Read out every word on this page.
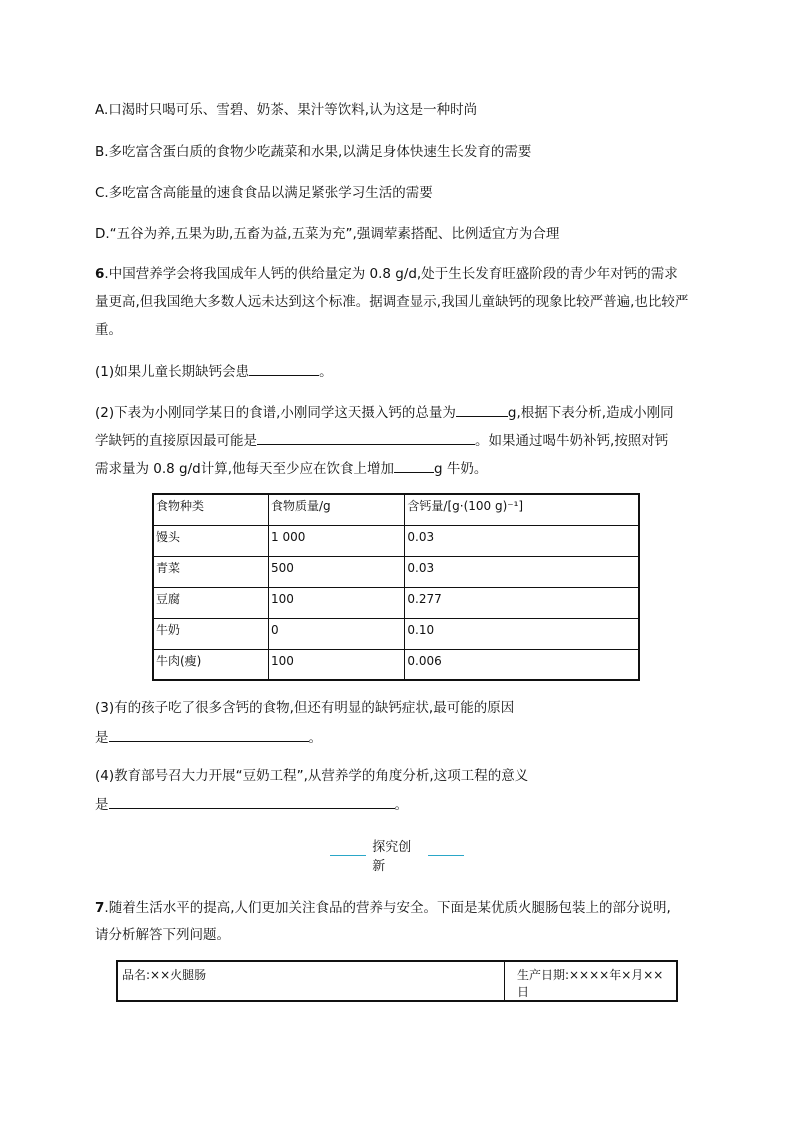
A.口渴时只喝可乐、雪碧、奶茶、果汁等饮料,认为这是一种时尚
B.多吃富含蛋白质的食物少吃蔬菜和水果,以满足身体快速生长发育的需要
C.多吃富含高能量的速食食品以满足紧张学习生活的需要
D.“五谷为养,五果为助,五畜为益,五菜为充”,强调荤素搭配、比例适宜方为合理
6.中国营养学会将我国成年人钙的供给量定为 0.8 g/d,处于生长发育旺盛阶段的青少年对钙的需求
量更高,但我国绝大多数人远未达到这个标准。据调查显示,我国儿童缺钙的现象比较严普遍,也比较严
重。
(1)如果儿童长期缺钙会患	。
(2)下表为小刚同学某日的食谱,小刚同学这天摄入钙的总量为	g,根据下表分析,造成小刚同
学缺钙的直接原因最可能是	。如果通过喝牛奶补钙,按照对钙
需求量为 0.8 g/d计算,他每天至少应在饮食上增加	g 牛奶。
食物种类	食物质量/g	含钙量/[g·(100 g)⁻¹]
馒头	1 000	0.03
青菜	500	0.03
豆腐	100	0.277
牛奶	0	0.10
牛肉(瘦)	100	0.006
(3)有的孩子吃了很多含钙的食物,但还有明显的缺钙症状,最可能的原因
是	。
(4)教育部号召大力开展“豆奶工程”,从营养学的角度分析,这项工程的意义
是	。
探究创新
7.随着生活水平的提高,人们更加关注食品的营养与安全。下面是某优质火腿肠包装上的部分说明,
请分析解答下列问题。
品名:××火腿肠	生产日期:××××年×月××日
